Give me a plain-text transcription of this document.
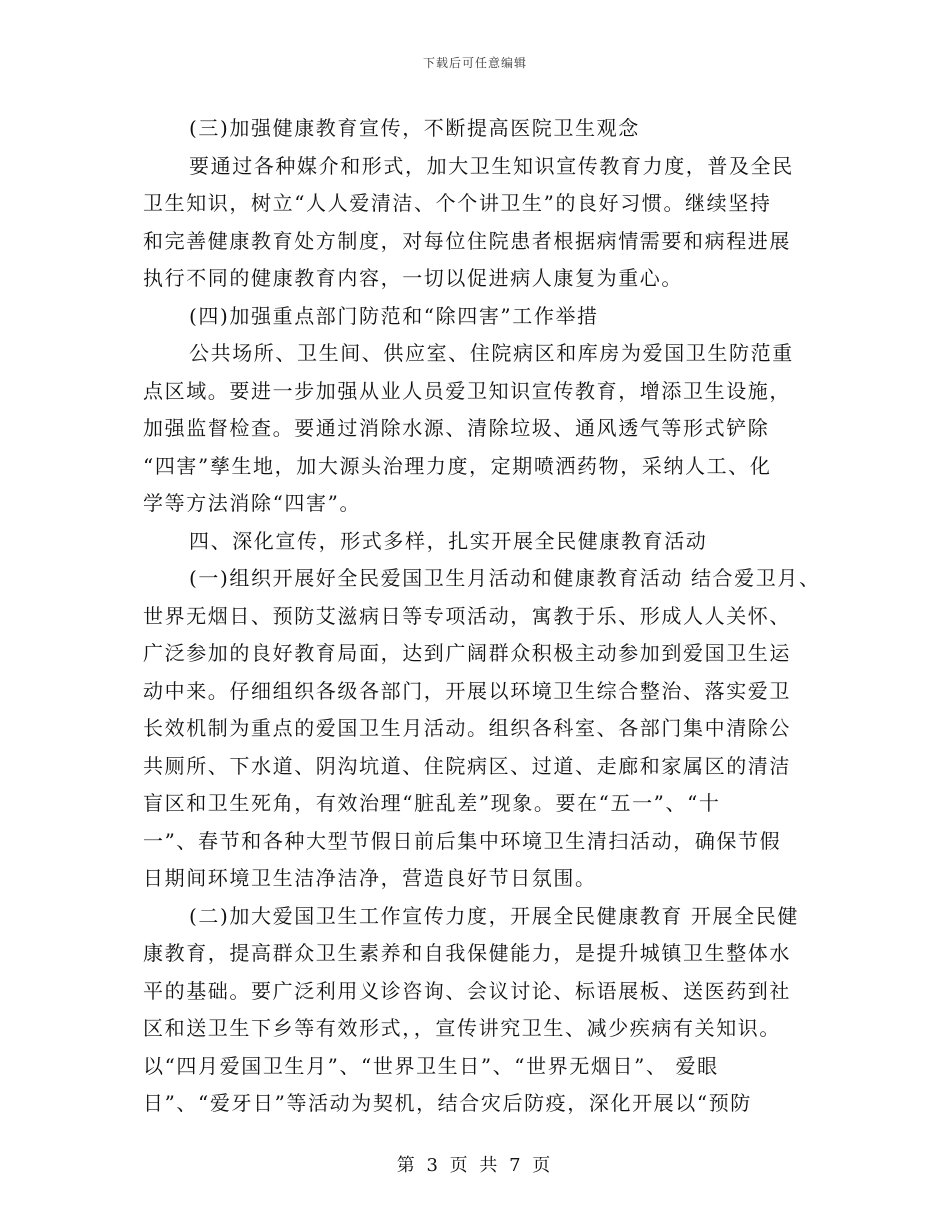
下载后可任意编辑
(三)加强健康教育宣传，不断提高医院卫生观念
要通过各种媒介和形式，加大卫生知识宣传教育力度，普及全民
卫生知识，树立“人人爱清洁、个个讲卫生”的良好习惯。继续坚持
和完善健康教育处方制度，对每位住院患者根据病情需要和病程进展
执行不同的健康教育内容，一切以促进病人康复为重心。
(四)加强重点部门防范和“除四害”工作举措
公共场所、卫生间、供应室、住院病区和库房为爱国卫生防范重
点区域。要进一步加强从业人员爱卫知识宣传教育，增添卫生设施，
加强监督检查。要通过消除水源、清除垃圾、通风透气等形式铲除
“四害”孳生地，加大源头治理力度，定期喷洒药物，采纳人工、化
学等方法消除“四害”。
四、深化宣传，形式多样，扎实开展全民健康教育活动
(一)组织开展好全民爱国卫生月活动和健康教育活动 结合爱卫月、
世界无烟日、预防艾滋病日等专项活动，寓教于乐、形成人人关怀、
广泛参加的良好教育局面，达到广阔群众积极主动参加到爱国卫生运
动中来。仔细组织各级各部门，开展以环境卫生综合整治、落实爱卫
长效机制为重点的爱国卫生月活动。组织各科室、各部门集中清除公
共厕所、下水道、阴沟坑道、住院病区、过道、走廊和家属区的清洁
盲区和卫生死角，有效治理“脏乱差”现象。要在“五一”、“十
一”、春节和各种大型节假日前后集中环境卫生清扫活动，确保节假
日期间环境卫生洁净洁净，营造良好节日氛围。
(二)加大爱国卫生工作宣传力度，开展全民健康教育 开展全民健
康教育，提高群众卫生素养和自我保健能力，是提升城镇卫生整体水
平的基础。要广泛利用义诊咨询、会议讨论、标语展板、送医药到社
区和送卫生下乡等有效形式，，宣传讲究卫生、减少疾病有关知识。
以“四月爱国卫生月”、“世界卫生日”、“世界无烟日”、 爱眼
日”、“爱牙日”等活动为契机，结合灾后防疫，深化开展以“预防
第 3 页 共 7 页
